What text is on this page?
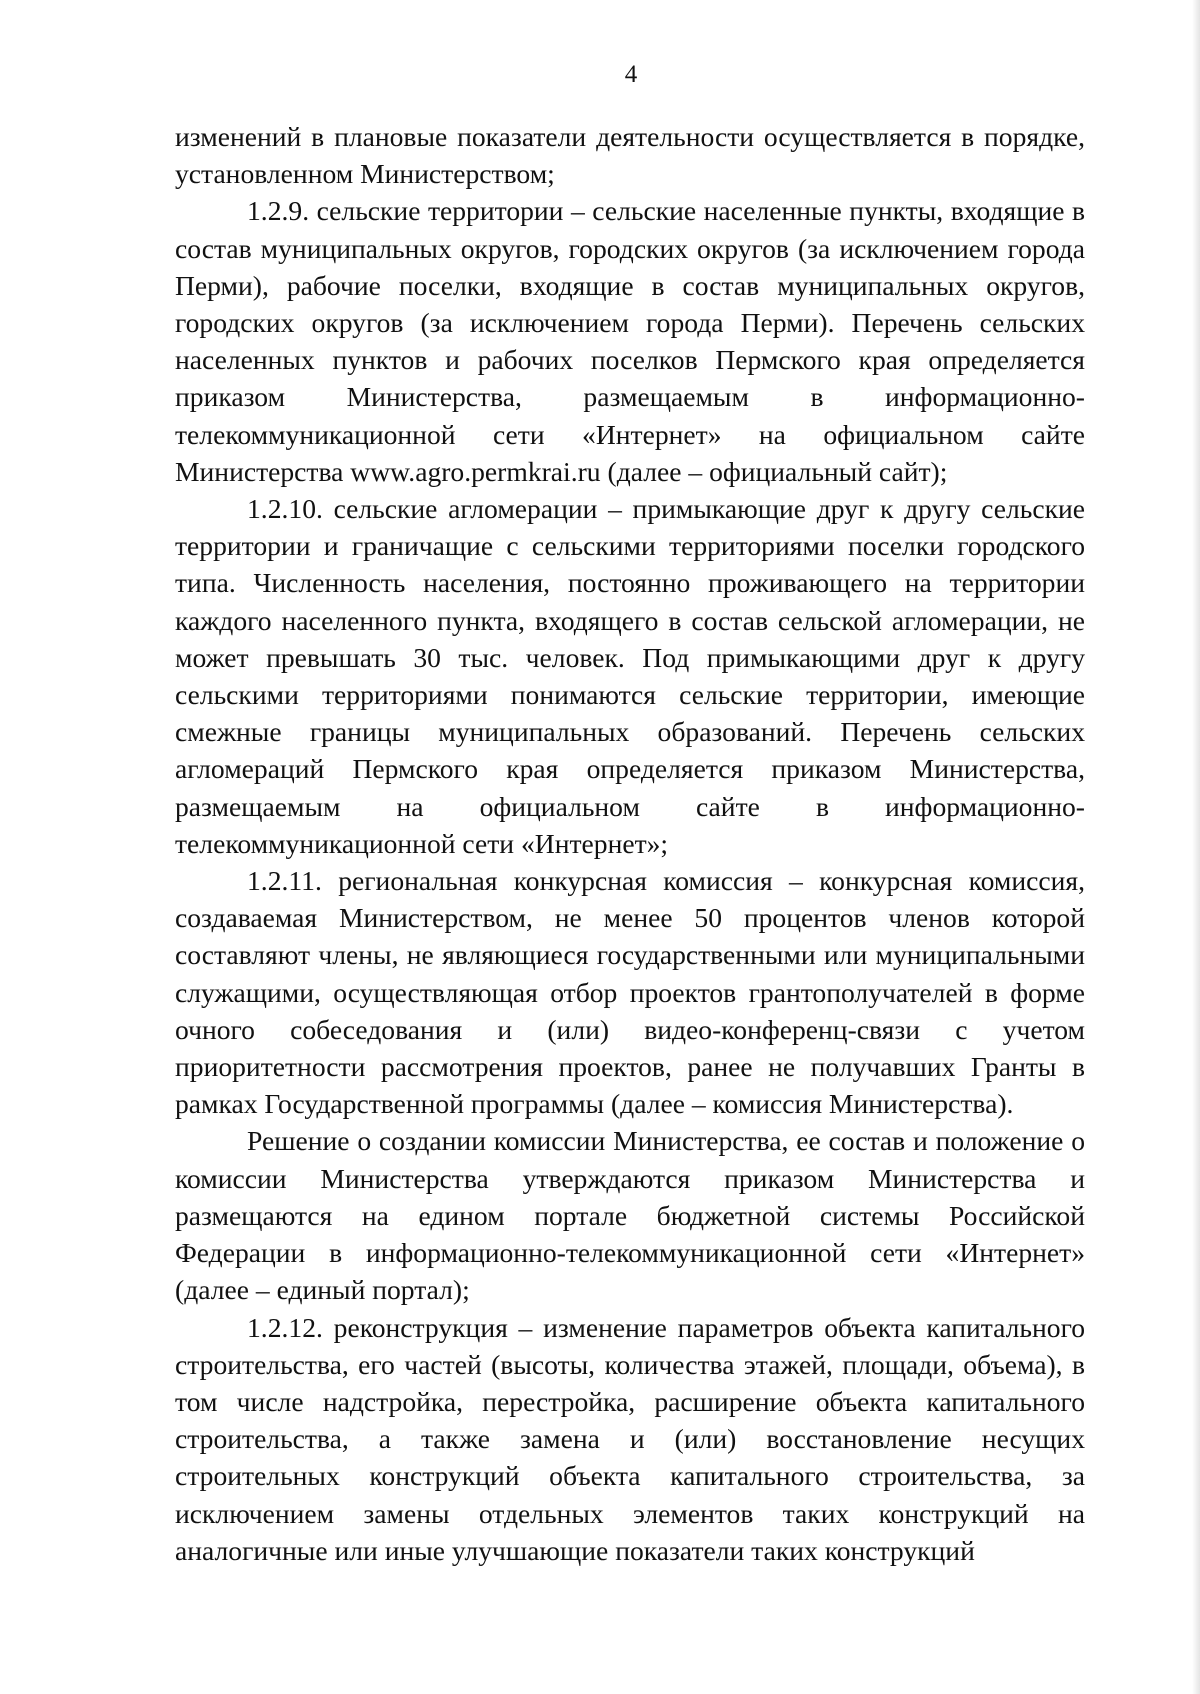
4

изменений в плановые показатели деятельности осуществляется в порядке, установленном Министерством;

1.2.9. сельские территории – сельские населенные пункты, входящие в состав муниципальных округов, городских округов (за исключением города Перми), рабочие поселки, входящие в состав муниципальных округов, городских округов (за исключением города Перми). Перечень сельских населенных пунктов и рабочих поселков Пермского края определяется приказом Министерства, размещаемым в информационно-телекоммуникационной сети «Интернет» на официальном сайте Министерства www.agro.permkrai.ru (далее – официальный сайт);

1.2.10. сельские агломерации – примыкающие друг к другу сельские территории и граничащие с сельскими территориями поселки городского типа. Численность населения, постоянно проживающего на территории каждого населенного пункта, входящего в состав сельской агломерации, не может превышать 30 тыс. человек. Под примыкающими друг к другу сельскими территориями понимаются сельские территории, имеющие смежные границы муниципальных образований. Перечень сельских агломераций Пермского края определяется приказом Министерства, размещаемым на официальном сайте в информационно-телекоммуникационной сети «Интернет»;

1.2.11. региональная конкурсная комиссия – конкурсная комиссия, создаваемая Министерством, не менее 50 процентов членов которой составляют члены, не являющиеся государственными или муниципальными служащими, осуществляющая отбор проектов грантополучателей в форме очного собеседования и (или) видео-конференц-связи с учетом приоритетности рассмотрения проектов, ранее не получавших Гранты в рамках Государственной программы (далее – комиссия Министерства).

Решение о создании комиссии Министерства, ее состав и положение о комиссии Министерства утверждаются приказом Министерства и размещаются на едином портале бюджетной системы Российской Федерации в информационно-телекоммуникационной сети «Интернет» (далее – единый портал);

1.2.12. реконструкция – изменение параметров объекта капитального строительства, его частей (высоты, количества этажей, площади, объема), в том числе надстройка, перестройка, расширение объекта капитального строительства, а также замена и (или) восстановление несущих строительных конструкций объекта капитального строительства, за исключением замены отдельных элементов таких конструкций на аналогичные или иные улучшающие показатели таких конструкций
